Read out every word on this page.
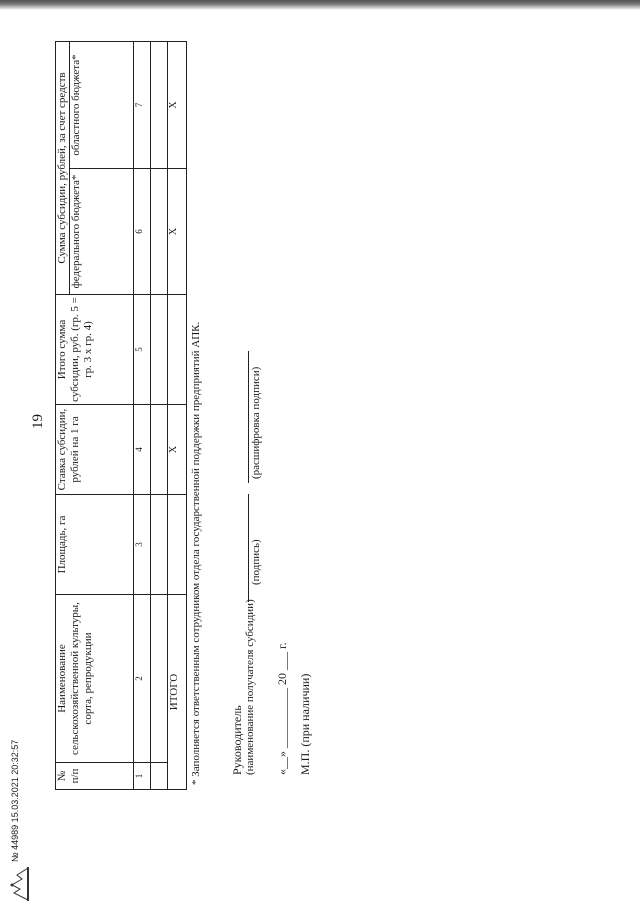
19
№ п/п	Наименование сельскохозяйственной культуры, сорта, репродукции	Площадь, га	Ставка субсидии, рублей на 1 га	Итого сумма субсидии, руб. (гр. 5 = гр. 3 х гр. 4)	Сумма субсидии, рублей, за счет средств	
					федерального бюджета*	областного бюджета*
1	2	3	4	5	6	7

ИТОГО			Х		Х	Х
* Заполняется ответственным сотрудником отдела государственной поддержки предприятий АПК. Руководитель (наименование получателя субсидии)
(подпись)
(расшифровка подписи)
«__» __________ 20 ___ г. М.П. (при наличии)
№ 44989 15.03.2021 20:32:57
